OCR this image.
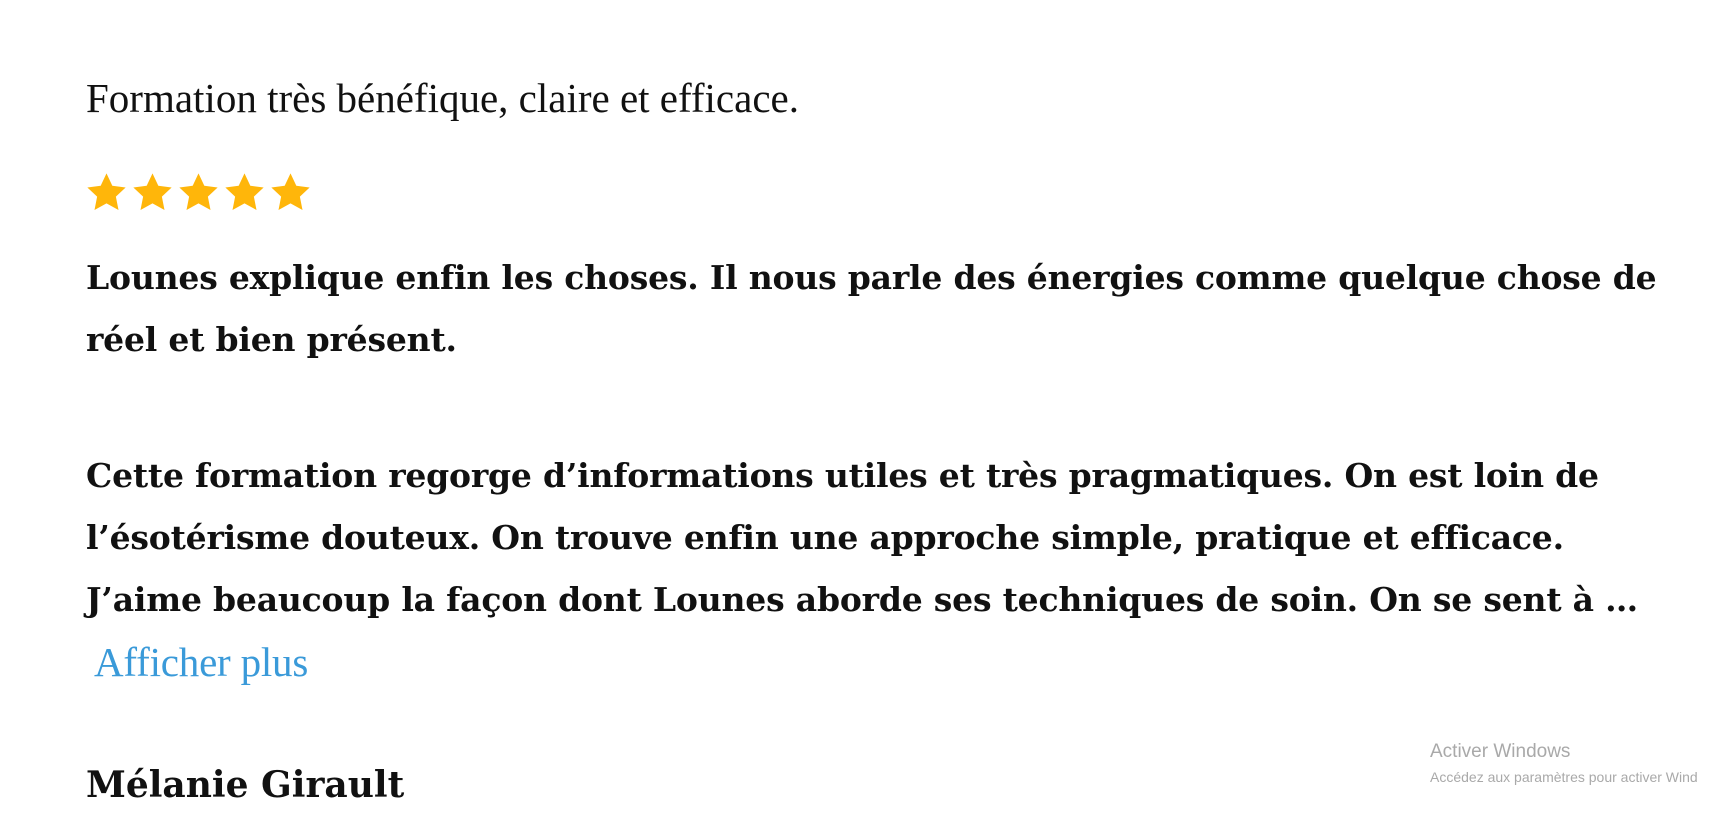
Formation très bénéfique, claire et efficace.

Lounes explique enfin les choses. Il nous parle des énergies comme quelque chose de réel et bien présent.

Cette formation regorge d’informations utiles et très pragmatiques. On est loin de l’ésotérisme douteux. On trouve enfin une approche simple, pratique et efficace. J’aime beaucoup la façon dont Lounes aborde ses techniques de soin. On se sent à …Afficher plus

Mélanie Girault

Activer Windows
Accédez aux paramètres pour activer Wind
